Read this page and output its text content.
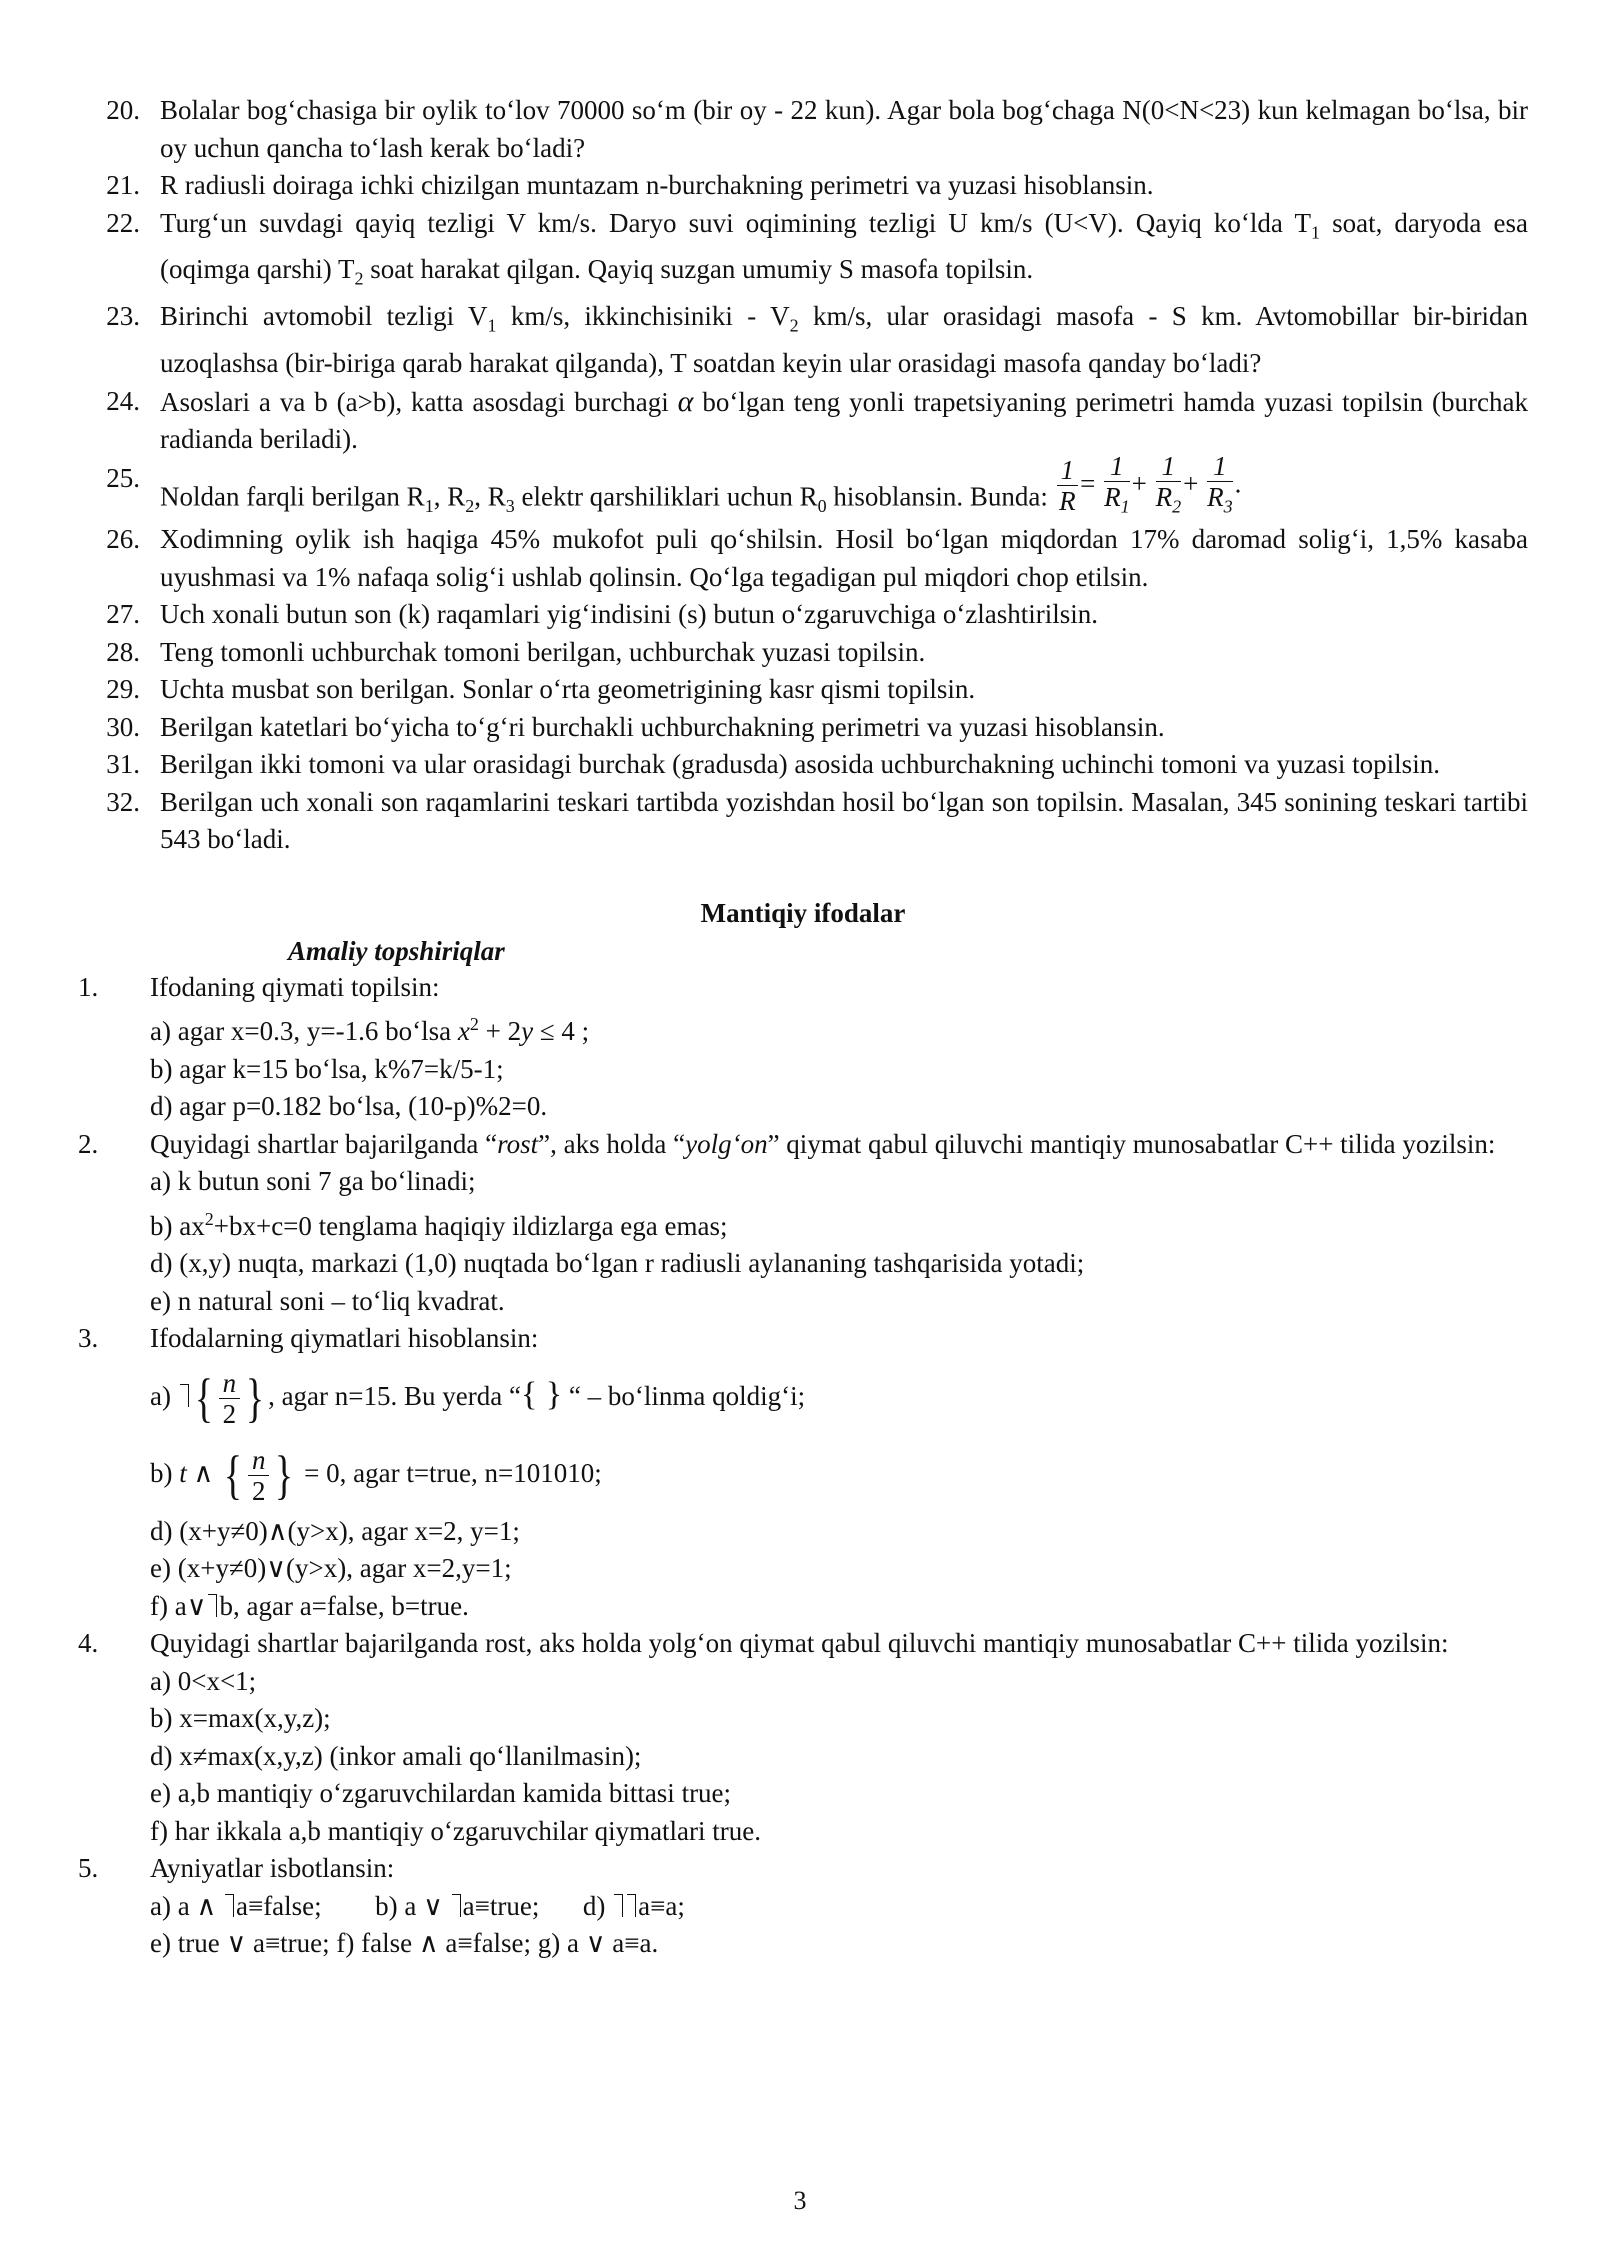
20. Bolalar bog‘chasiga bir oylik to‘lov 70000 so‘m (bir oy - 22 kun). Agar bola bog‘chaga N(0<N<23) kun kelmagan bo‘lsa, bir oy uchun qancha to‘lash kerak bo‘ladi?
21. R radiusli doiraga ichki chizilgan muntazam n-burchakning perimetri va yuzasi hisoblansin.
22. Turg‘un suvdagi qayiq tezligi V km/s. Daryo suvi oqimining tezligi U km/s (U<V). Qayiq ko‘lda $T_1$ soat, daryoda esa (oqimga qarshi) $T_2$ soat harakat qilgan. Qayiq suzgan umumiy S masofa topilsin.
23. Birinchi avtomobil tezligi $V_1$ km/s, ikkinchisiniki - $V_2$ km/s, ular orasidagi masofa - S km. Avtomobillar bir-biridan uzoqlashsa (bir-biriga qarab harakat qilganda), T soatdan keyin ular orasidagi masofa qanday bo‘ladi?
24. Asoslari a va b (a>b), katta asosdagi burchagi α bo‘lgan teng yonli trapetsiyaning perimetri hamda yuzasi topilsin (burchak radianda beriladi).
25.
Noldan farqli berilgan $R_1$, $R_2$, $R_3$ elektr qarshiliklari uchun $R_0$ hisoblansin. Bunda: $\frac{1}{R} = \frac{1}{R_1} + \frac{1}{R_2} + \frac{1}{R_3}$ .
26. Xodimning oylik ish haqiga 45% mukofot puli qo‘shilsin. Hosil bo‘lgan miqdordan 17% daromad solig‘i, 1,5% kasaba uyushmasi va 1% nafaqa solig‘i ushlab qolinsin. Qo‘lga tegadigan pul miqdori chop etilsin.
27. Uch xonali butun son (k) raqamlari yig‘indisini (s) butun o‘zgaruvchiga o‘zlashtirilsin.
28. Teng tomonli uchburchak tomoni berilgan, uchburchak yuzasi topilsin.
29. Uchta musbat son berilgan. Sonlar o‘rta geometrigining kasr qismi topilsin.
30. Berilgan katetlari bo‘yicha to‘g‘ri burchakli uchburchakning perimetri va yuzasi hisoblansin.
31. Berilgan ikki tomoni va ular orasidagi burchak (gradusda) asosida uchburchakning uchinchi tomoni va yuzasi topilsin.
32. Berilgan uch xonali son raqamlarini teskari tartibda yozishdan hosil bo‘lgan son topilsin. Masalan, 345 sonining teskari tartibi 543 bo‘ladi.
Mantiqiy ifodalar
Amaliy topshiriqlar
1.	Ifodaning qiymati topilsin:
a) agar x=0.3, y=-1.6 bo‘lsa $x^2 + 2y \le 4$ ;
b) agar k=15 bo‘lsa, k%7=k/5-1;
d) agar p=0.182 bo‘lsa, (10-p)%2=0.
2.	Quyidagi shartlar bajarilganda “rost”, aks holda “yolg‘on” qiymat qabul qiluvchi mantiqiy munosabatlar C++ tilida yozilsin:
a) k butun soni 7 ga bo‘linadi;
b) $ax^2+bx+c=0$ tenglama haqiqiy ildizlarga ega emas;
d) (x,y) nuqta, markazi (1,0) nuqtada bo‘lgan r radiusli aylananing tashqarisida yotadi;
e) n natural soni – to‘liq kvadrat.
3.	Ifodalarning qiymatlari hisoblansin:
a) { $\frac{n}{2}$ } , agar n=15. Bu yerda “{ } “ – bo‘linma qoldig‘i;
b) t ∧ { $\frac{n}{2}$ } = 0, agar t=true, n=101010;
d) (x+y≠0)∧(y>x), agar x=2, y=1;
e) (x+y≠0)∨(y>x), agar x=2,y=1;
f) a∨ b, agar a=false, b=true.
4.	Quyidagi shartlar bajarilganda rost, aks holda yolg‘on qiymat qabul qiluvchi mantiqiy munosabatlar C++ tilida yozilsin:
a) 0<x<1;
b) x=max(x,y,z);
d) x≠max(x,y,z) (inkor amali qo‘llanilmasin);
e) a,b mantiqiy o‘zgaruvchilardan kamida bittasi true;
f) har ikkala a,b mantiqiy o‘zgaruvchilar qiymatlari true.
5.	Ayniyatlar isbotlansin:
a) a ∧ a≡false; b) a ∨ a≡true; d) a≡a;
e) true ∨ a≡true; f) false ∧ a≡false; g) a ∨ a≡a.
3
